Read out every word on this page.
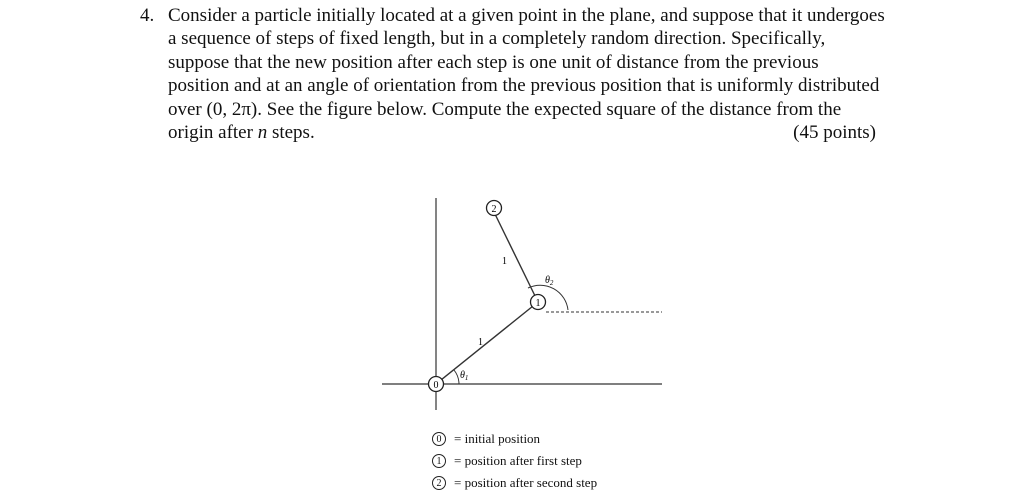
4. Consider a particle initially located at a given point in the plane, and suppose that it undergoes
a sequence of steps of fixed length, but in a completely random direction. Specifically,
suppose that the new position after each step is one unit of distance from the previous
position and at an angle of orientation from the previous position that is uniformly distributed
over (0, 2π). See the figure below. Compute the expected square of the distance from the
origin after n steps.	(45 points)
0
1
2
1
1
$\theta_1$
$\theta_2$
0 = initial position
1 = position after first step
2 = position after second step
